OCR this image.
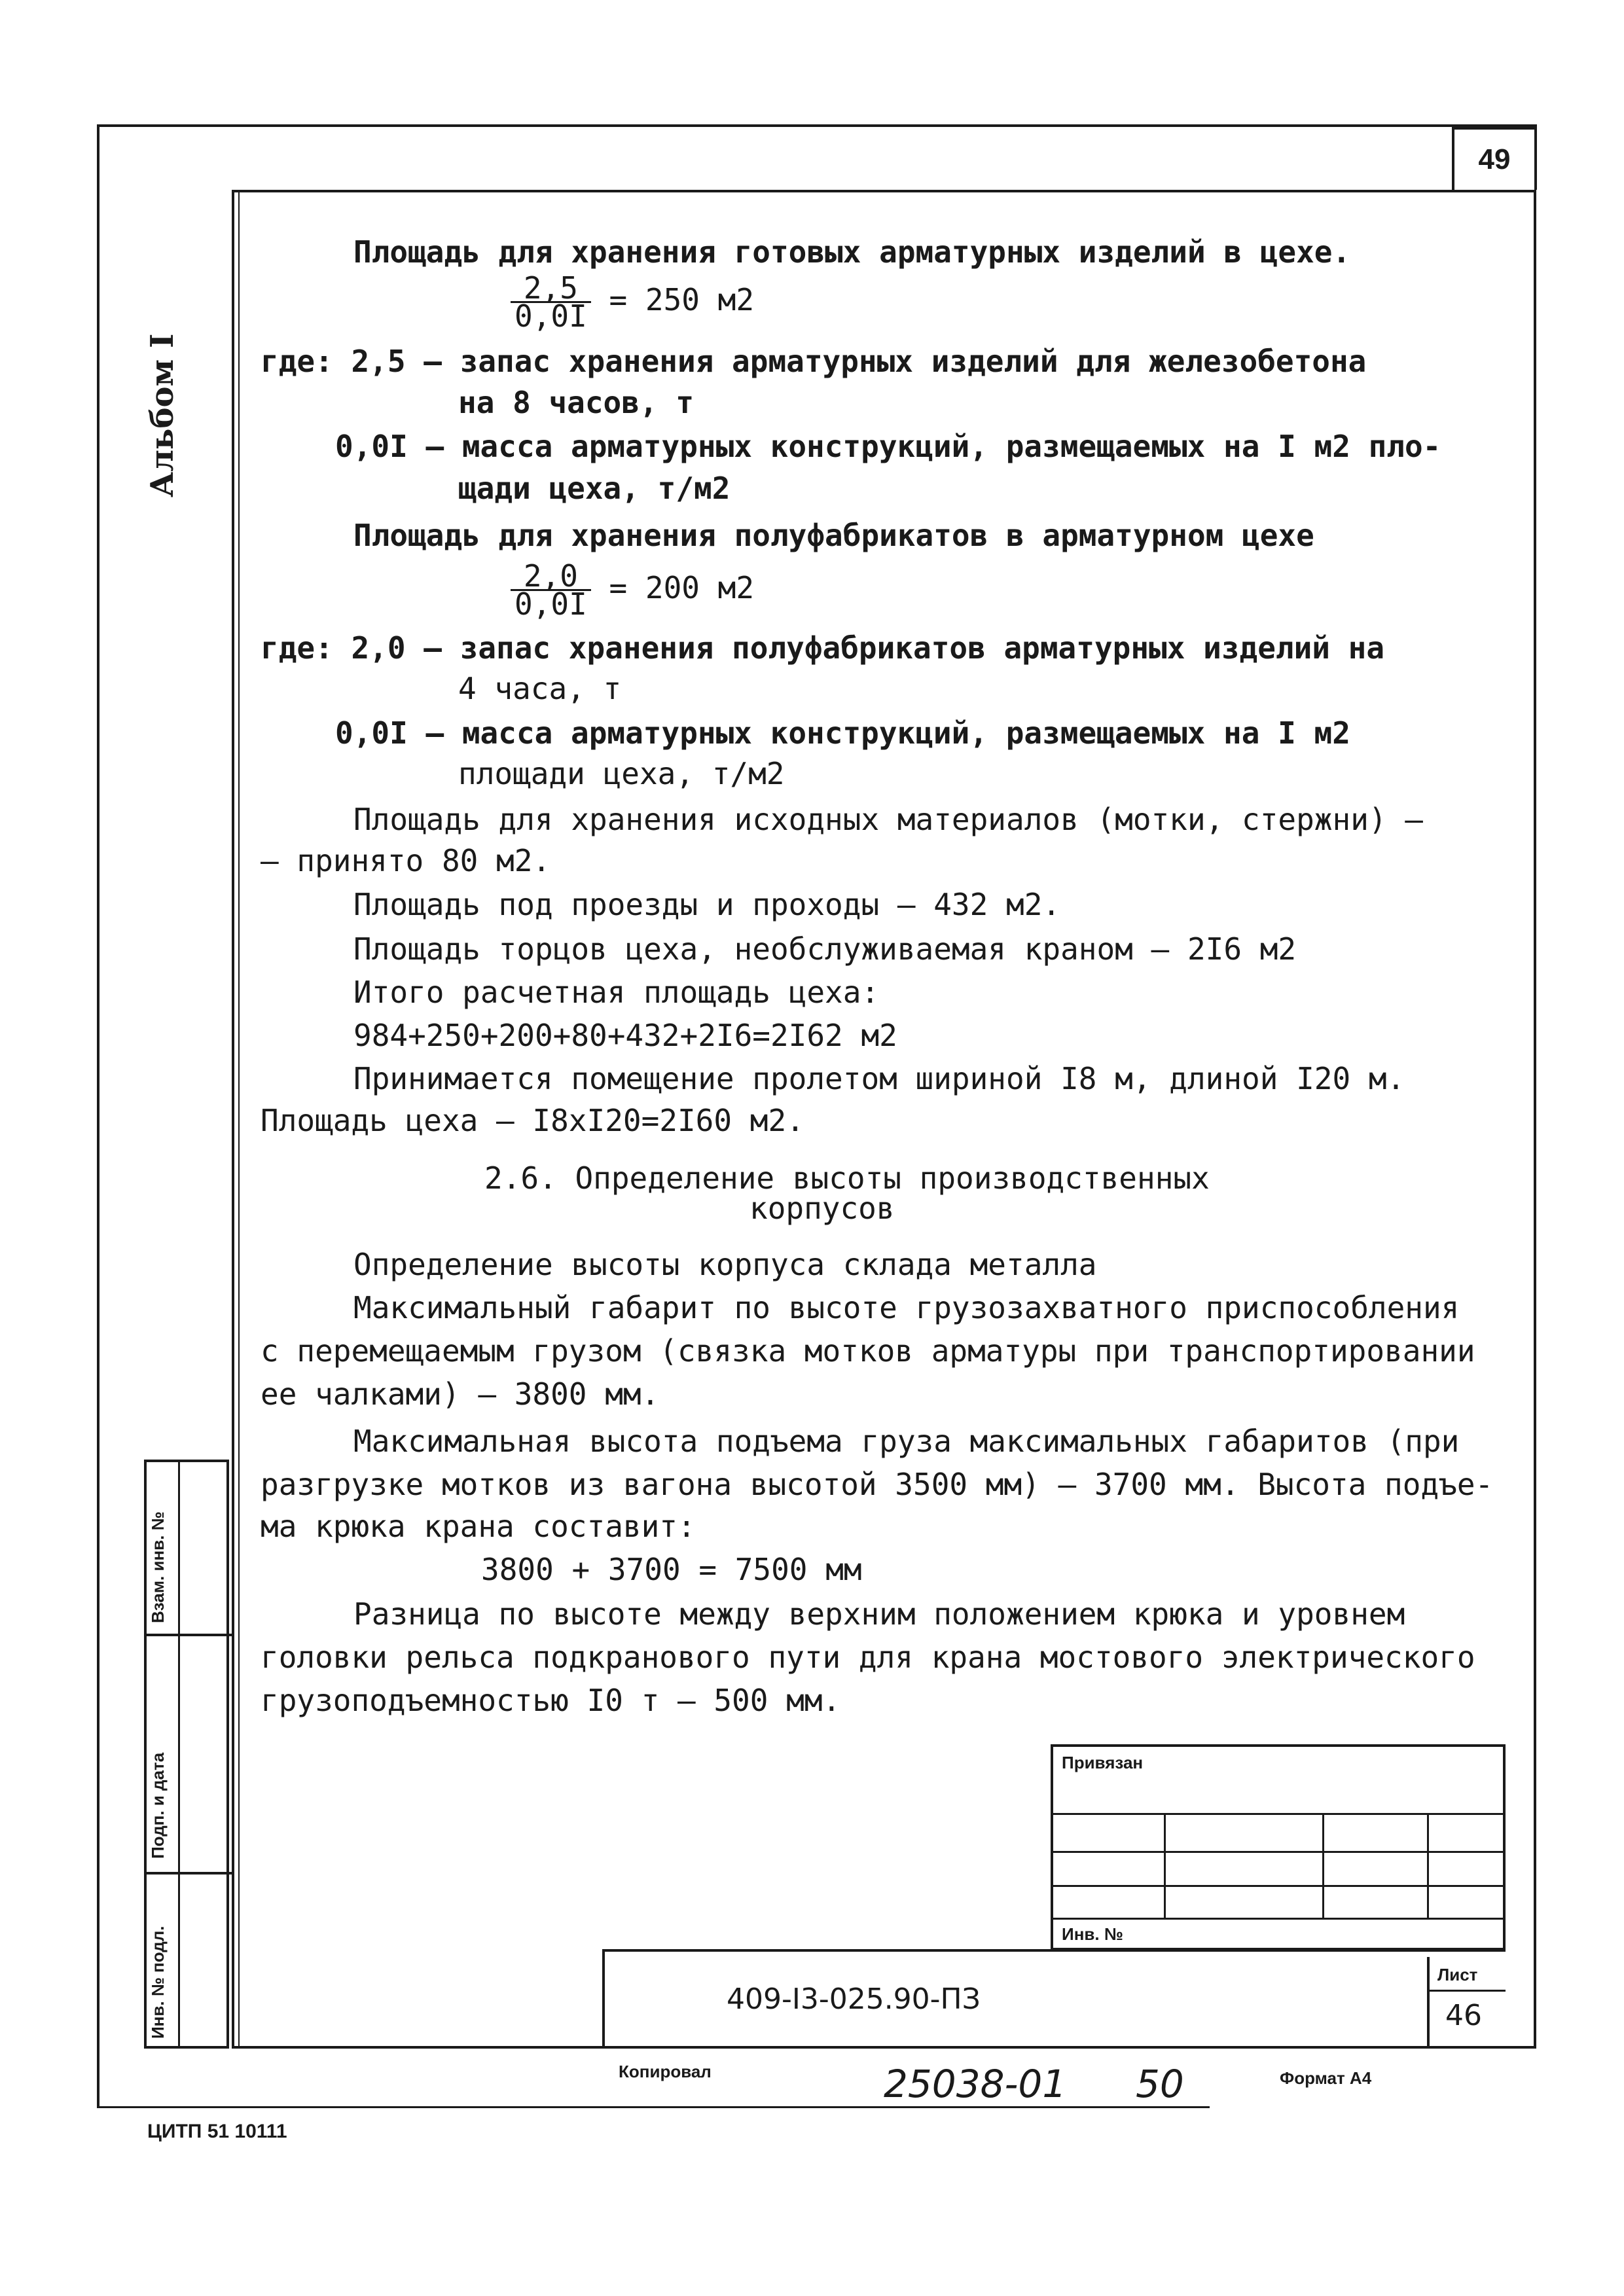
49
Альбом I
Площадь для хранения готовых арматурных изделий в цехе.
$\frac{2,5}{0,0I} = 250$ м2
где: 2,5 – запас хранения арматурных изделий для железобетона
на 8 часов, т
0,0I – масса арматурных конструкций, размещаемых на I м2 пло-
щади цеха, т/м2
Площадь для хранения полуфабрикатов в арматурном цехе
$\frac{2,0}{0,0I} = 200$ м2
где: 2,0 – запас хранения полуфабрикатов арматурных изделий на
4 часа, т
0,0I – масса арматурных конструкций, размещаемых на I м2
площади цеха, т/м2
Площадь для хранения исходных материалов (мотки, стержни) –
– принято 80 м2.
Площадь под проезды и проходы – 432 м2.
Площадь торцов цеха, необслуживаемая краном – 2I6 м2
Итого расчетная площадь цеха:
984+250+200+80+432+2I6=2I62 м2
Принимается помещение пролетом шириной I8 м, длиной I20 м.
Площадь цеха – I8xI20=2I60 м2.
2.6. Определение высоты производственных
корпусов
Определение высоты корпуса склада металла
Максимальный габарит по высоте грузозахватного приспособления
с перемещаемым грузом (связка мотков арматуры при транспортировании
ее чалками) – 3800 мм.
Максимальная высота подъема груза максимальных габаритов (при
разгрузке мотков из вагона высотой 3500 мм) – 3700 мм. Высота подъе-
ма крюка крана составит:
3800 + 3700 = 7500 мм
Разница по высоте между верхним положением крюка и уровнем
головки рельса подкранового пути для крана мостового электрического
грузоподъемностью I0 т – 500 мм.
Взам. инв. №
Подп. и дата
Инв. № подл.
Привязан
Инв. №
409-I3-025.90-ПЗ
Лист
46
Копировал	25038-01 50	Формат А4
ЦИТП 51 10111
